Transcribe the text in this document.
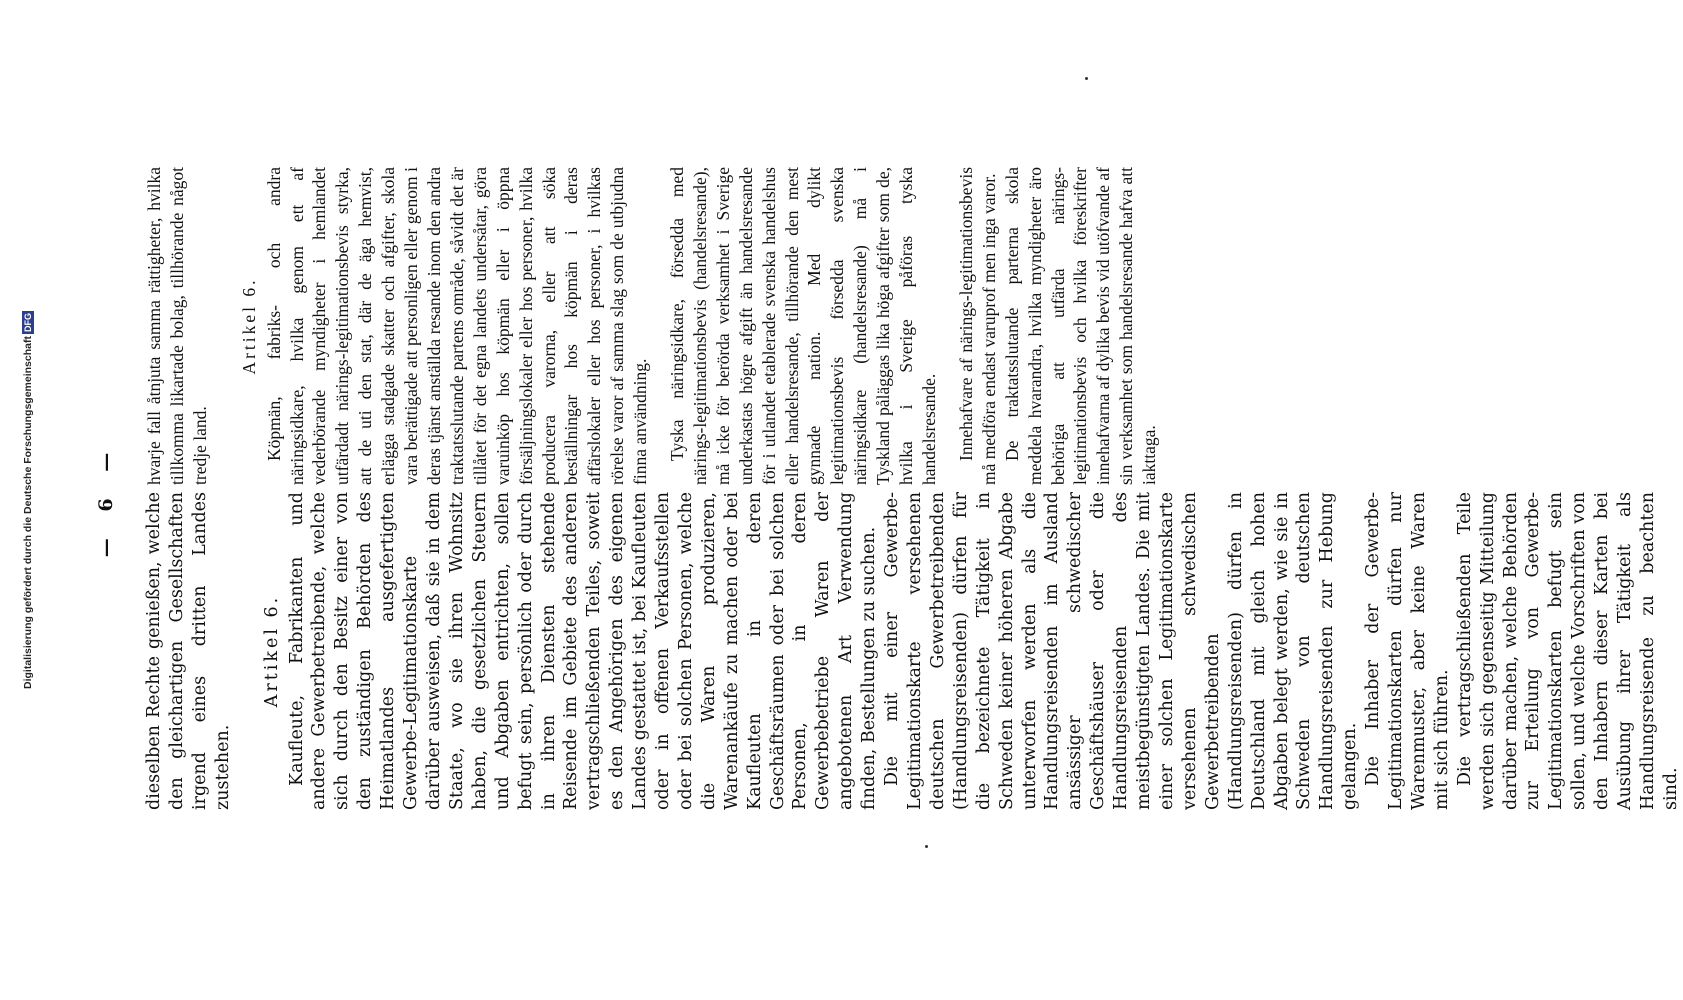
Digitalisierung gefördert durch die Deutsche Forschungsgemeinschaft
DFG
— 6 —

dieselben Rechte genießen, welche den gleichartigen Gesellschaften irgend eines dritten Landes zustehen.

Artikel 6. Kaufleute, Fabrikanten und andere Gewerbetreibende, welche sich durch den Besitz einer von den zuständigen Behörden des Heimatlandes ausgefertigten Gewerbe-Legitimationskarte darüber ausweisen, daß sie in dem Staate, wo sie ihren Wohnsitz haben, die gesetzlichen Steuern und Abgaben entrichten, sollen befugt sein, persönlich oder durch in ihren Diensten stehende Reisende im Gebiete des anderen vertragschließenden Teiles, soweit es den Angehörigen des eigenen Landes gestattet ist, bei Kaufleuten oder in offenen Verkaufsstellen oder bei solchen Personen, welche die Waren produzieren, Warenankäufe zu machen oder bei Kaufleuten in deren Geschäftsräumen oder bei solchen Personen, in deren Gewerbebetriebe Waren der angebotenen Art Verwendung finden, Bestellungen zu suchen. Die mit einer Gewerbe-Legitimationskarte versehenen deutschen Gewerbetreibenden (Handlungsreisenden) dürfen für die bezeichnete Tätigkeit in Schweden keiner höheren Abgabe unterworfen werden als die Handlungsreisenden im Ausland ansässiger schwedischer Geschäftshäuser oder die Handlungsreisenden des meistbegünstigten Landes. Die mit einer solchen Legitimationskarte versehenen schwedischen Gewerbetreibenden (Handlungsreisenden) dürfen in Deutschland mit gleich hohen Abgaben belegt werden, wie sie in Schweden von deutschen Handlungsreisenden zur Hebung gelangen. Die Inhaber der Gewerbe-Legitimationskarten dürfen nur Warenmuster, aber keine Waren mit sich führen. Die vertragschließenden Teile werden sich gegenseitig Mitteilung darüber machen, welche Behörden zur Erteilung von Gewerbe-Legitimationskarten befugt sein sollen, und welche Vorschriften von den Inhabern dieser Karten bei Ausübung ihrer Tätigkeit als Handlungsreisende zu beachten sind.

hvarje fall åtnjuta samma rättigheter, hvilka tillkomma likartade bolag, tillhörande något tredje land.

Artikel 6. Köpmän, fabriks- och andra näringsidkare, hvilka genom ett af vederbörande myndigheter i hemlandet utfärdadt närings-legitimationsbevis styrka, att de uti den stat, där de äga hemvist, erlägga stadgade skatter och afgifter, skola vara berättigade att personligen eller genom i deras tjänst anställda resande inom den andra traktatsslutande partens område, såvidt det är tillåtet för det egna landets undersåtar, göra varuinköp hos köpmän eller i öppna försäljningslokaler eller hos personer, hvilka producera varorna, eller att söka beställningar hos köpmän i deras affärslokaler eller hos personer, i hvilkas rörelse varor af samma slag som de utbjudna finna användning. Tyska näringsidkare, försedda med närings-legitimationsbevis (handelsresande), må icke för berörda verksamhet i Sverige underkastas högre afgift än handelsresande för i utlandet etablerade svenska handelshus eller handelsresande, tillhörande den mest gynnade nation. Med dylikt legitimationsbevis försedda svenska näringsidkare (handelsresande) må i Tyskland påläggas lika höga afgifter som de, hvilka i Sverige påföras tyska handelsresande. Innehafvare af närings-legitimationsbevis må medföra endast varuprof men inga varor. De traktatsslutande parterna skola meddela hvarandra, hvilka myndigheter äro behöriga att utfärda närings-legitimationsbevis och hvilka föreskrifter innehafvarna af dylika bevis vid utöfvande af sin verksamhet som handelsresande hafva att iakttaga.
